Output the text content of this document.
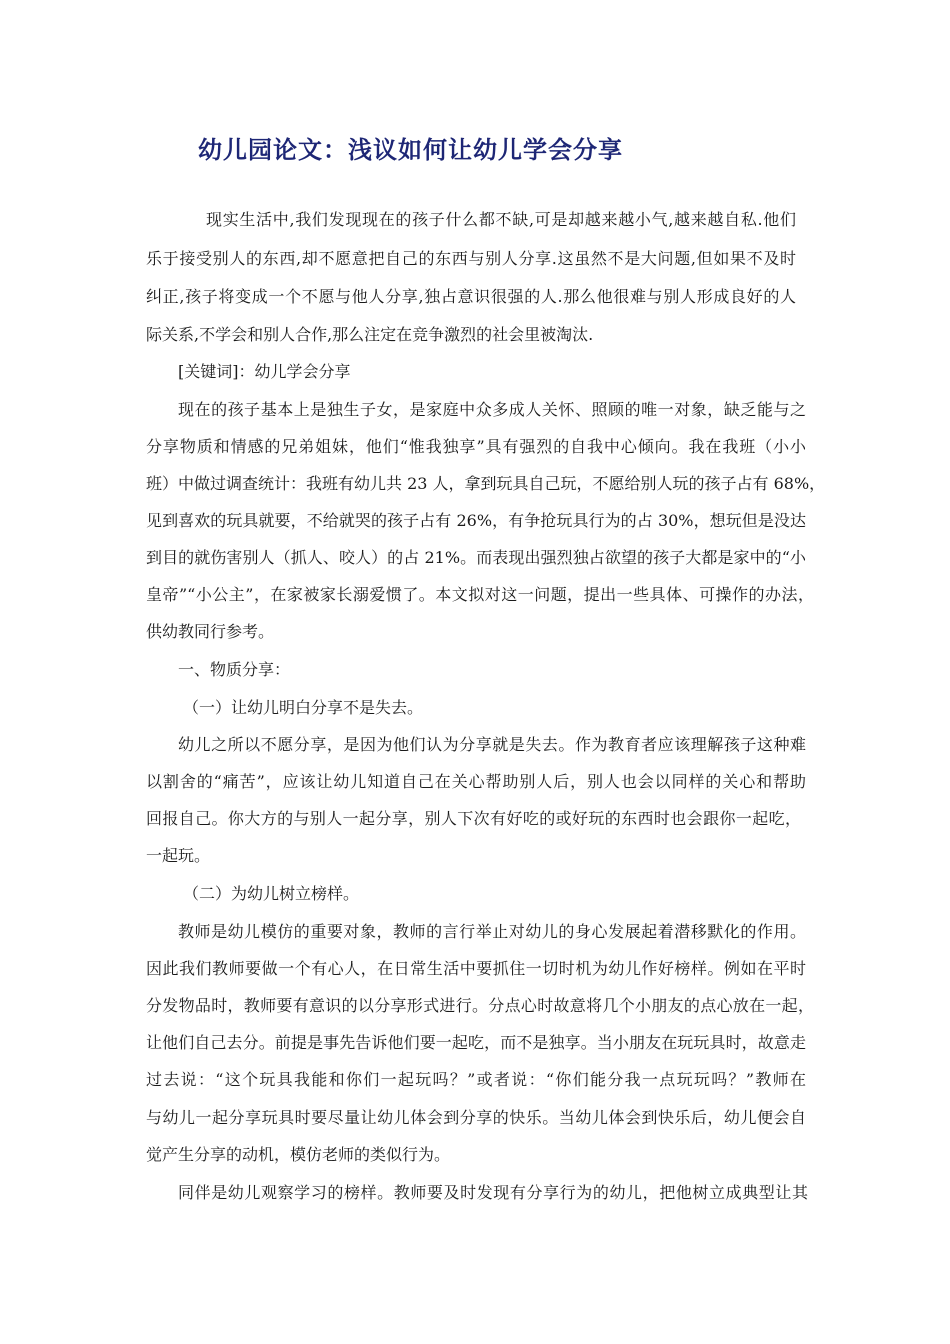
幼儿园论文：浅议如何让幼儿学会分享
现实生活中,我们发现现在的孩子什么都不缺,可是却越来越小气,越来越自私.他们
乐于接受别人的东西,却不愿意把自己的东西与别人分享.这虽然不是大问题,但如果不及时
纠正,孩子将变成一个不愿与他人分享,独占意识很强的人.那么他很难与别人形成良好的人
际关系,不学会和别人合作,那么注定在竞争激烈的社会里被淘汰.
[关键词]：幼儿学会分享
现在的孩子基本上是独生子女，是家庭中众多成人关怀、照顾的唯一对象，缺乏能与之
分享物质和情感的兄弟姐妹，他们“惟我独享”具有强烈的自我中心倾向。我在我班（小小
班）中做过调查统计：我班有幼儿共 23 人，拿到玩具自己玩，不愿给别人玩的孩子占有 68%，
见到喜欢的玩具就要，不给就哭的孩子占有 26%，有争抢玩具行为的占 30%，想玩但是没达
到目的就伤害别人（抓人、咬人）的占 21%。而表现出强烈独占欲望的孩子大都是家中的“小
皇帝”“小公主”，在家被家长溺爱惯了。本文拟对这一问题，提出一些具体、可操作的办法，
供幼教同行参考。
一、物质分享：
（一）让幼儿明白分享不是失去。
幼儿之所以不愿分享，是因为他们认为分享就是失去。作为教育者应该理解孩子这种难
以割舍的“痛苦”，应该让幼儿知道自己在关心帮助别人后，别人也会以同样的关心和帮助
回报自己。你大方的与别人一起分享，别人下次有好吃的或好玩的东西时也会跟你一起吃，
一起玩。
（二）为幼儿树立榜样。
教师是幼儿模仿的重要对象，教师的言行举止对幼儿的身心发展起着潜移默化的作用。
因此我们教师要做一个有心人，在日常生活中要抓住一切时机为幼儿作好榜样。例如在平时
分发物品时，教师要有意识的以分享形式进行。分点心时故意将几个小朋友的点心放在一起，
让他们自己去分。前提是事先告诉他们要一起吃，而不是独享。当小朋友在玩玩具时，故意走
过去说：“这个玩具我能和你们一起玩吗？”或者说：“你们能分我一点玩玩吗？”教师在
与幼儿一起分享玩具时要尽量让幼儿体会到分享的快乐。当幼儿体会到快乐后，幼儿便会自
觉产生分享的动机，模仿老师的类似行为。
同伴是幼儿观察学习的榜样。教师要及时发现有分享行为的幼儿，把他树立成典型让其
